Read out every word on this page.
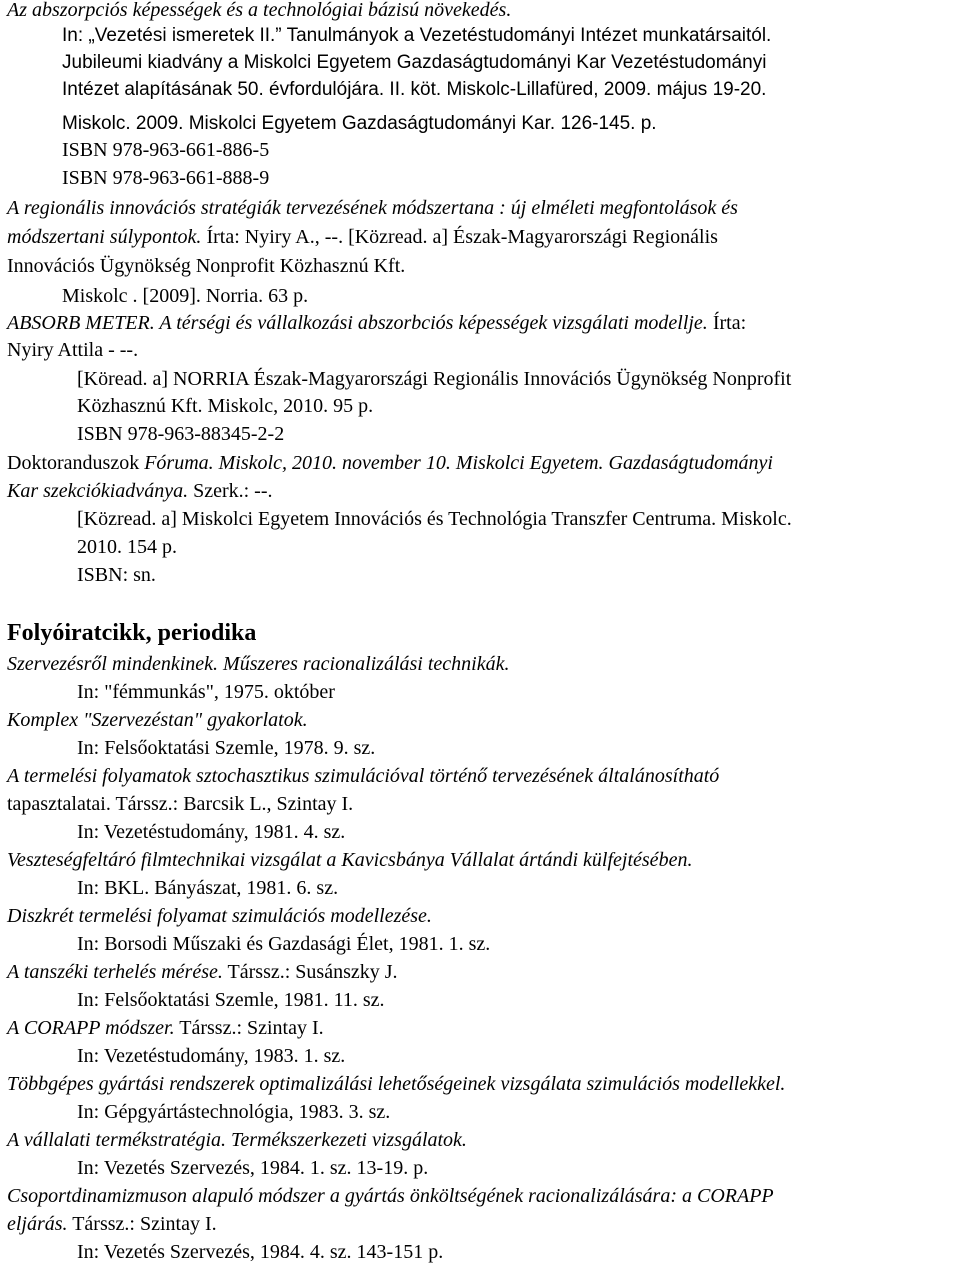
Az abszorpciós képességek és a technológiai bázisú növekedés.
In: „Vezetési ismeretek II.” Tanulmányok a Vezetéstudományi Intézet munkatársaitól.
Jubileumi kiadvány a Miskolci Egyetem Gazdaságtudományi Kar Vezetéstudományi
Intézet alapításának 50. évfordulójára. II. köt. Miskolc-Lillafüred, 2009. május 19-20.
Miskolc. 2009. Miskolci Egyetem Gazdaságtudományi Kar. 126-145. p.
ISBN 978-963-661-886-5
ISBN 978-963-661-888-9
A regionális innovációs stratégiák tervezésének módszertana : új elméleti megfontolások és
módszertani súlypontok. Írta: Nyiry A., --. [Közread. a] Észak-Magyarországi Regionális
Innovációs Ügynökség Nonprofit Közhasznú Kft.
Miskolc . [2009]. Norria. 63 p.
ABSORB METER. A térségi és vállalkozási abszorbciós képességek vizsgálati modellje. Írta:
Nyiry Attila - --.
[Köread. a] NORRIA Észak-Magyarországi Regionális Innovációs Ügynökség Nonprofit
Közhasznú Kft. Miskolc, 2010. 95 p.
ISBN 978-963-88345-2-2
Doktoranduszok Fóruma. Miskolc, 2010. november 10. Miskolci Egyetem. Gazdaságtudományi
Kar szekciókiadványa. Szerk.: --.
[Közread. a] Miskolci Egyetem Innovációs és Technológia Transzfer Centruma. Miskolc.
2010. 154 p.
ISBN: sn.
Folyóiratcikk, periodika
Szervezésről mindenkinek. Műszeres racionalizálási technikák.
In: "fémmunkás", 1975. október
Komplex "Szervezéstan" gyakorlatok.
In: Felsőoktatási Szemle, 1978. 9. sz.
A termelési folyamatok sztochasztikus szimulációval történő tervezésének általánosítható
tapasztalatai. Társsz.: Barcsik L., Szintay I.
In: Vezetéstudomány, 1981. 4. sz.
Veszteségfeltáró filmtechnikai vizsgálat a Kavicsbánya Vállalat ártándi külfejtésében.
In: BKL. Bányászat, 1981. 6. sz.
Diszkrét termelési folyamat szimulációs modellezése.
In: Borsodi Műszaki és Gazdasági Élet, 1981. 1. sz.
A tanszéki terhelés mérése. Társsz.: Susánszky J.
In: Felsőoktatási Szemle, 1981. 11. sz.
A CORAPP módszer. Társsz.: Szintay I.
In: Vezetéstudomány, 1983. 1. sz.
Többgépes gyártási rendszerek optimalizálási lehetőségeinek vizsgálata szimulációs modellekkel.
In: Gépgyártástechnológia, 1983. 3. sz.
A vállalati termékstratégia. Termékszerkezeti vizsgálatok.
In: Vezetés Szervezés, 1984. 1. sz. 13-19. p.
Csoportdinamizmuson alapuló módszer a gyártás önköltségének racionalizálására: a CORAPP
eljárás. Társsz.: Szintay I.
In: Vezetés Szervezés, 1984. 4. sz. 143-151 p.
